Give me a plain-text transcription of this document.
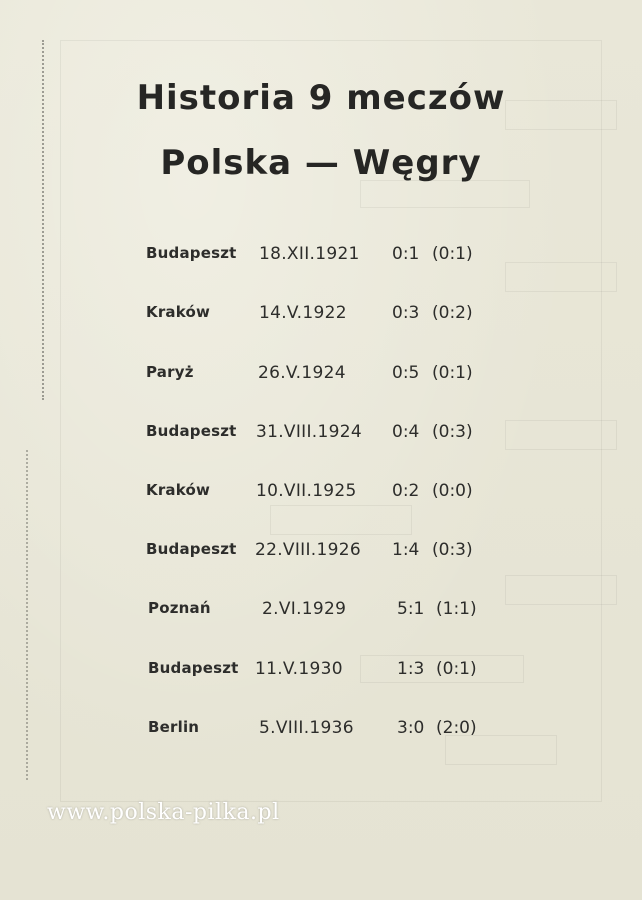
Historia 9 meczów
Polska — Węgry
Budapeszt 18.XII.1921 0:1 (0:1)
Kraków	14.V.1922	0:3 (0:2)
Paryż	26.V.1924	0:5 (0:1)
Budapeszt 31.VIII.1924 0:4 (0:3)
Kraków	10.VII.1925 0:2 (0:0)
Budapeszt 22.VIII.1926 1:4 (0:3)
Poznań	2.VI.1929	5:1 (1:1)
Budapeszt 11.V.1930	1:3 (0:1)
Berlin	5.VIII.1936	3:0 (2:0)
www.polska-pilka.pl
